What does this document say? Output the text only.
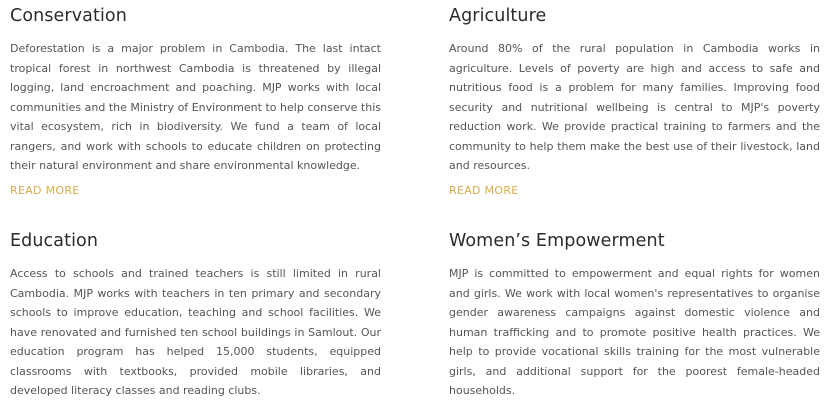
Conservation

Deforestation is a major problem in Cambodia. The last intact tropical forest in northwest Cambodia is threatened by illegal logging, land encroachment and poaching. MJP works with local communities and the Ministry of Environment to help conserve this vital ecosystem, rich in biodiversity. We fund a team of local rangers, and work with schools to educate children on protecting their natural environment and share environmental knowledge.

READ MORE
Agriculture

Around 80% of the rural population in Cambodia works in agriculture. Levels of poverty are high and access to safe and nutritious food is a problem for many families. Improving food security and nutritional wellbeing is central to MJP's poverty reduction work. We provide practical training to farmers and the community to help them make the best use of their livestock, land and resources.

READ MORE
Education

Access to schools and trained teachers is still limited in rural Cambodia. MJP works with teachers in ten primary and secondary schools to improve education, teaching and school facilities. We have renovated and furnished ten school buildings in Samlout. Our education program has helped 15,000 students, equipped classrooms with textbooks, provided mobile libraries, and developed literacy classes and reading clubs.

Women’s Empowerment

MJP is committed to empowerment and equal rights for women and girls. We work with local women's representatives to organise gender awareness campaigns against domestic violence and human trafficking and to promote positive health practices. We help to provide vocational skills training for the most vulnerable girls, and additional support for the poorest female-headed households.
